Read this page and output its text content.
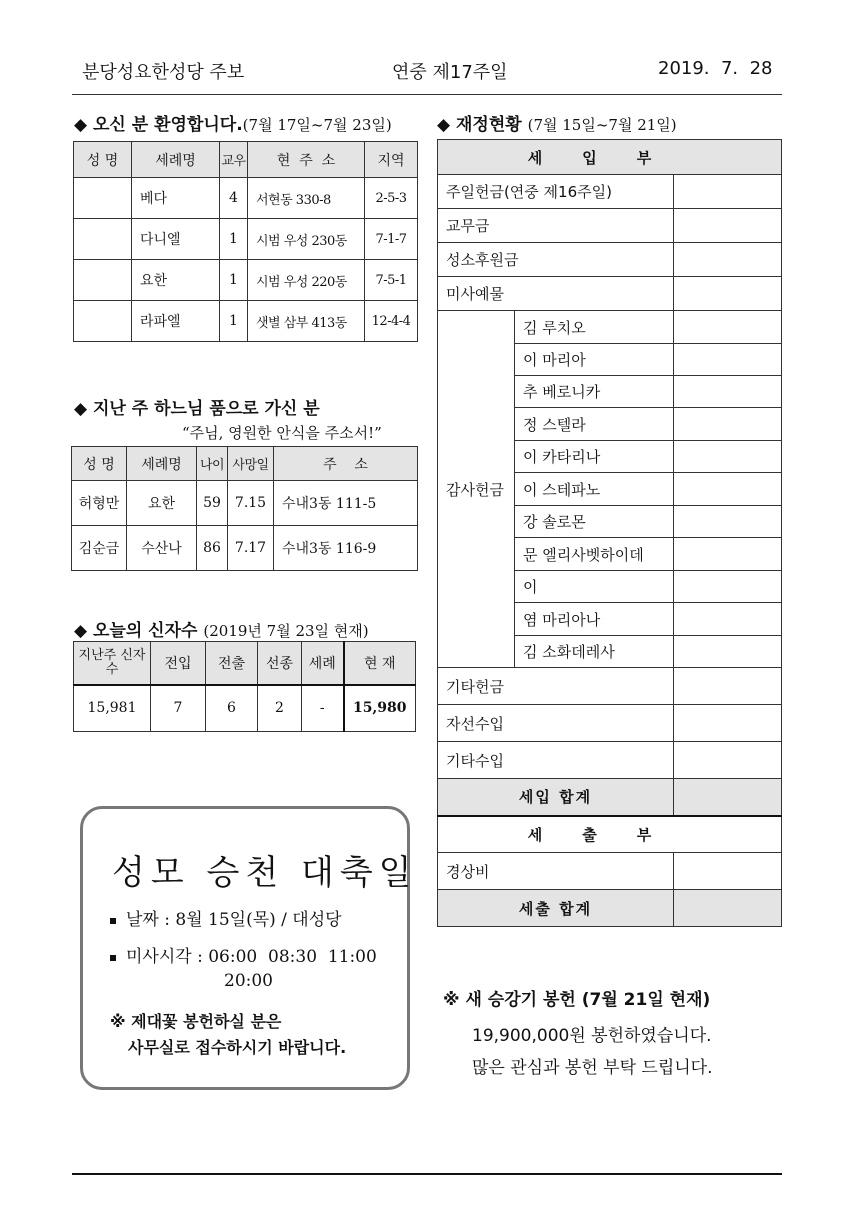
분당성요한성당 주보	연중 제17주일	2019.  7.  28
◆ 오신 분 환영합니다.(7월 17일~7월 23일)
성 명	세례명	교우	현  주  소	지역
	베다	4	서현동 330-8	2-5-3
	다니엘	1	시범 우성 230동	7-1-7
	요한	1	시범 우성 220동	7-5-1
	라파엘	1	샛별 삼부 413동	12-4-4
◆ 지난 주 하느님 품으로 가신 분
“주님, 영원한 안식을 주소서!”
성 명	세례명	나이	사망일	주    소
허형만	요한	59	7.15	수내3동 111-5
김순금	수산나	86	7.17	수내3동 116-9
◆ 오늘의 신자수 (2019년 7월 23일 현재)
지난주 신자수	전입	전출	선종	세례	현 재
15,981	7	6	2	-	15,980
◆ 재정현황 (7월 15일~7월 21일)
세입부		
주일헌금(연중 제16주일)		
교무금		
성소후원금		
미사예물		
감사헌금	김 루치오	
	이 마리아	
	추 베로니카	
	정 스텔라	
	이 카타리나	
	이 스테파노	
	강 솔로몬	
	문 엘리사벳하이데	
	이	
	염 마리아나	
	김 소화데레사	
기타헌금		
자선수입		
기타수입		
세입 합계		
세출부		
경상비		
세출 합계		
성모 승천 대축일
날짜 : 8월 15일(목) / 대성당
미사시각 : 06:00  08:30  11:00
20:00
※ 제대꽃 봉헌하실 분은
사무실로 접수하시기 바랍니다.
※ 새 승강기 봉헌 (7월 21일 현재)
19,900,000원 봉헌하였습니다.
많은 관심과 봉헌 부탁 드립니다.
